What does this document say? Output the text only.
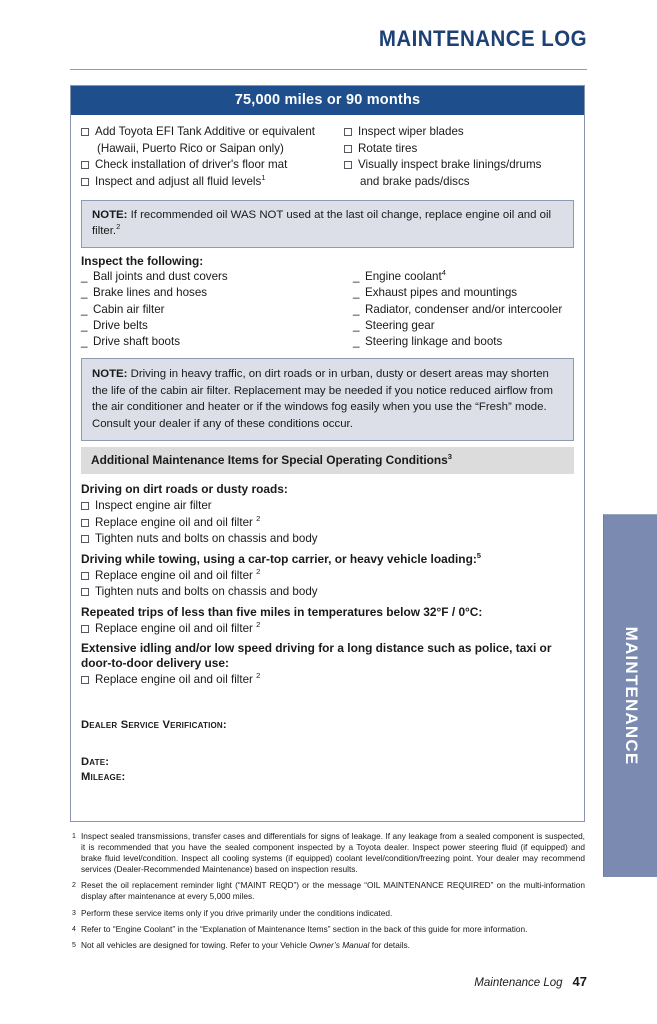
MAINTENANCE LOG
75,000 miles or 90 months
Add Toyota EFI Tank Additive or equivalent
(Hawaii, Puerto Rico or Saipan only)
Check installation of driver's floor mat
Inspect and adjust all fluid levels$^1$
Inspect wiper blades
Rotate tires
Visually inspect brake linings/drums
and brake pads/discs
NOTE: If recommended oil WAS NOT used at the last oil change, replace engine oil and oil filter.$^2$
Inspect the following:
_ Ball joints and dust covers
_ Brake lines and hoses
_ Cabin air filter
_ Drive belts
_ Drive shaft boots
_ Engine coolant$^4$
_ Exhaust pipes and mountings
_ Radiator, condenser and/or intercooler
_ Steering gear
_ Steering linkage and boots
NOTE: Driving in heavy traffic, on dirt roads or in urban, dusty or desert areas may shorten the life of the cabin air filter. Replacement may be needed if you notice reduced airflow from the air conditioner and heater or if the windows fog easily when you use the “Fresh” mode. Consult your dealer if any of these conditions occur.
Additional Maintenance Items for Special Operating Conditions$^3$
Driving on dirt roads or dusty roads:
Inspect engine air filter
Replace engine oil and oil filter $^2$
Tighten nuts and bolts on chassis and body
Driving while towing, using a car-top carrier, or heavy vehicle loading:$^5$
Replace engine oil and oil filter $^2$
Tighten nuts and bolts on chassis and body
Repeated trips of less than five miles in temperatures below 32°F / 0°C:
Replace engine oil and oil filter $^2$
Extensive idling and/or low speed driving for a long distance such as police, taxi or door-to-door delivery use:
Replace engine oil and oil filter $^2$
Dealer Service Verification:
Date:
Mileage:
1 Inspect sealed transmissions, transfer cases and differentials for signs of leakage. If any leakage from a sealed component is suspected, it is recommended that you have the sealed component inspected by a Toyota dealer. Inspect power steering fluid (if equipped) and brake fluid level/condition. Inspect all cooling systems (if equipped) coolant level/condition/freezing point. Your dealer may recommend services (Dealer-Recommended Maintenance) based on inspection results.
2 Reset the oil replacement reminder light (“MAINT REQD”) or the message “OIL MAINTENANCE REQUIRED” on the multi-information display after maintenance at every 5,000 miles.
3 Perform these service items only if you drive primarily under the conditions indicated.
4 Refer to “Engine Coolant” in the “Explanation of Maintenance Items” section in the back of this guide for more information.
5 Not all vehicles are designed for towing. Refer to your Vehicle Owner’s Manual for details.
Maintenance Log 47
MAINTENANCE
